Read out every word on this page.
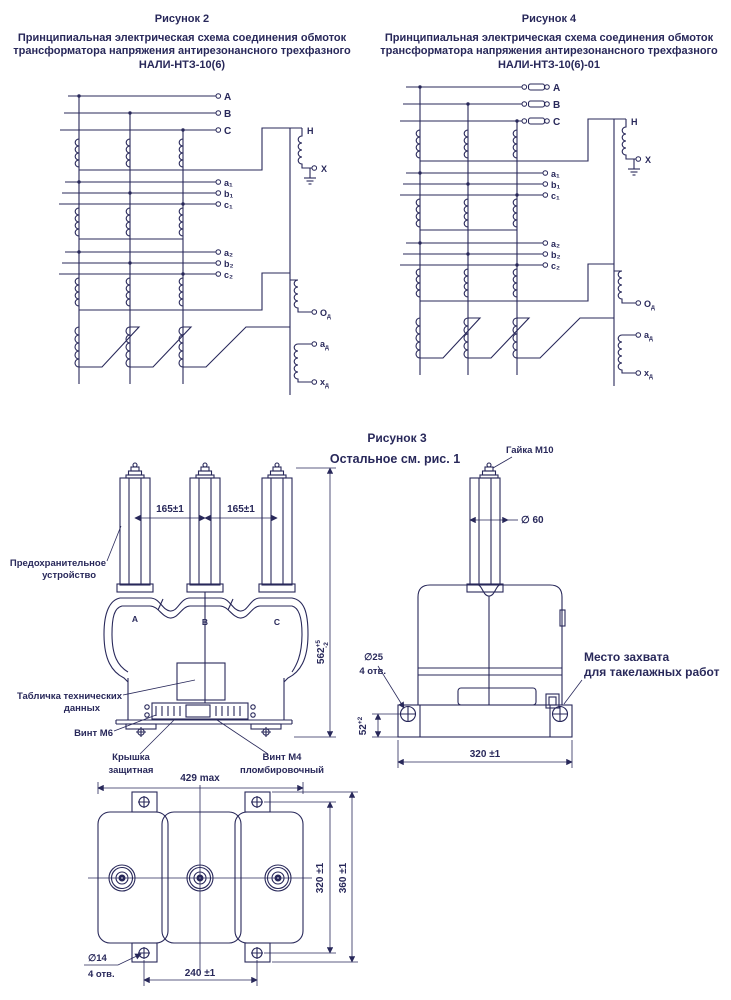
Рисунок 2
Принципиальная электрическая схема соединения обмоток
трансформатора напряжения антирезонансного трехфазного
НАЛИ-НТЗ-10(6)
Рисунок 4
Принципиальная электрическая схема соединения обмоток
трансформатора напряжения антирезонансного трехфазного
НАЛИ-НТЗ-10(6)-01
A
B
C	Н
Х
a₁
b₁
c₁
a₂
b₂
c₂
$О_д$
$а_д$
$х_д$
A
B
C	Н
Х
a₁
b₁
c₁
a₂
b₂
c₂
$О_д$
$а_д$
$х_д$
Рисунок 3
Остальное см. рис. 1
А	В	С
165±1	165±1
$562^{+5}-2$
Предохранительное
устройство
Табличка технических
данных
Винт М6
Крышка
защитная
Винт М4
пломбировочный
429 max
Гайка М10
∅ 60
$52^{+2}$
∅25
4 отв.
320 ±1
Место захвата
для такелажных работ
320 ±1 360 ±1
240 ±1
∅14
4 отв.
